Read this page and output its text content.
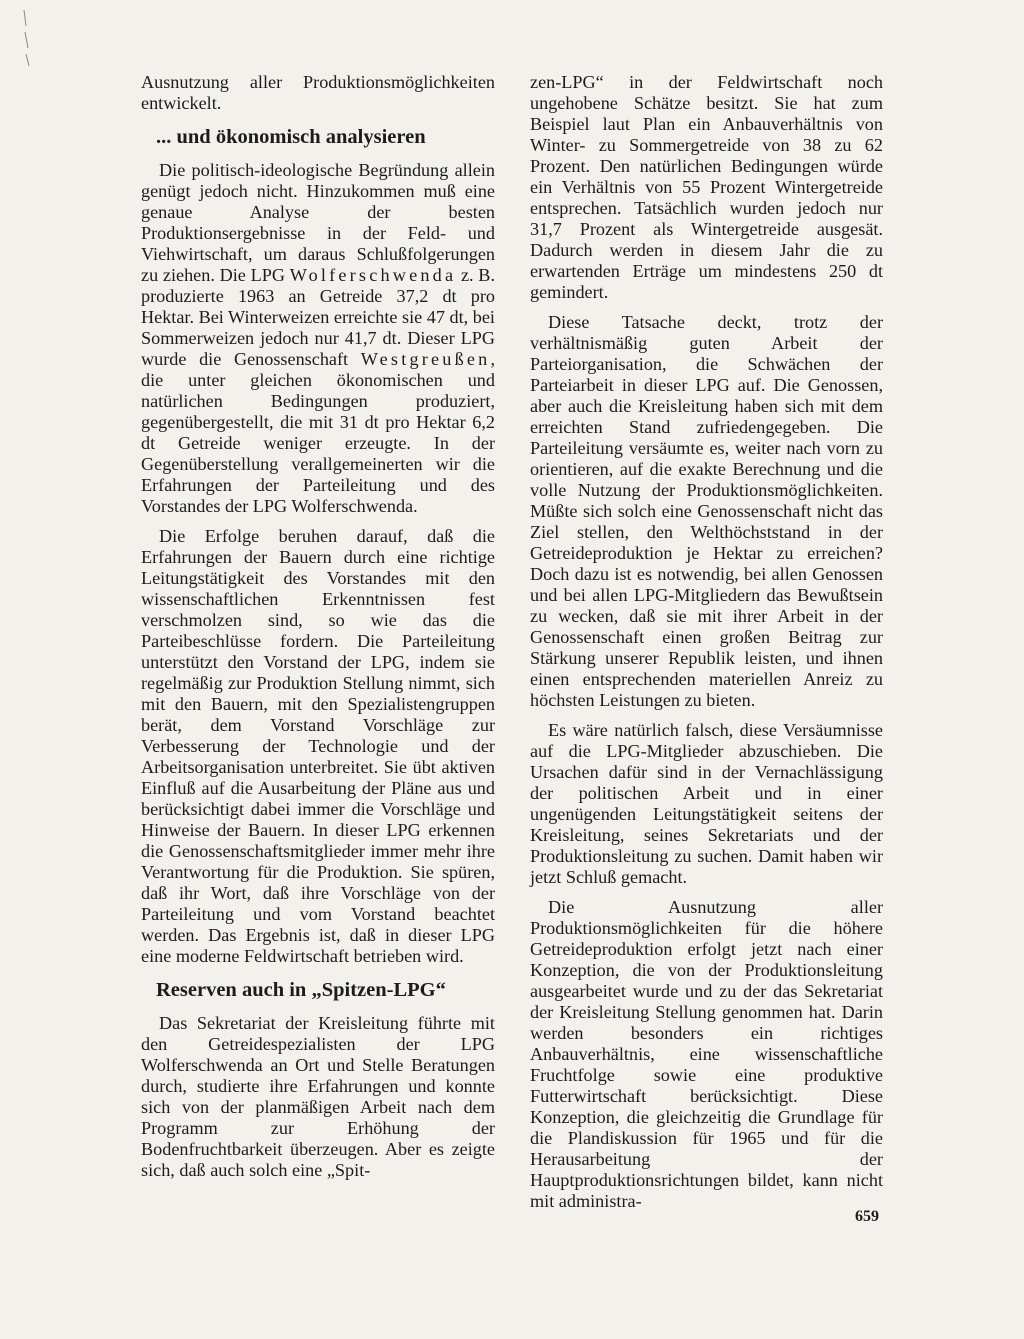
Ausnutzung aller Produktionsmöglichkeiten entwickelt.

... und ökonomisch analysieren

Die politisch-ideologische Begründung allein genügt jedoch nicht. Hinzukommen muß eine genaue Analyse der besten Produktionsergebnisse in der Feld- und Viehwirtschaft, um daraus Schlußfolgerungen zu ziehen. Die LPG Wolferschwenda z. B. produzierte 1963 an Getreide 37,2 dt pro Hektar. Bei Winterweizen erreichte sie 47 dt, bei Sommerweizen jedoch nur 41,7 dt. Dieser LPG wurde die Genossenschaft Westgreußen, die unter gleichen ökonomischen und natürlichen Bedingungen produziert, gegenübergestellt, die mit 31 dt pro Hektar 6,2 dt Getreide weniger erzeugte. In der Gegenüberstellung verallgemeinerten wir die Erfahrungen der Parteileitung und des Vorstandes der LPG Wolferschwenda.

Die Erfolge beruhen darauf, daß die Erfahrungen der Bauern durch eine richtige Leitungstätigkeit des Vorstandes mit den wissenschaftlichen Erkenntnissen fest verschmolzen sind, so wie das die Parteibeschlüsse fordern. Die Parteileitung unterstützt den Vorstand der LPG, indem sie regelmäßig zur Produktion Stellung nimmt, sich mit den Bauern, mit den Spezialistengruppen berät, dem Vorstand Vorschläge zur Verbesserung der Technologie und der Arbeitsorganisation unterbreitet. Sie übt aktiven Einfluß auf die Ausarbeitung der Pläne aus und berücksichtigt dabei immer die Vorschläge und Hinweise der Bauern. In dieser LPG erkennen die Genossenschaftsmitglieder immer mehr ihre Verantwortung für die Produktion. Sie spüren, daß ihr Wort, daß ihre Vorschläge von der Parteileitung und vom Vorstand beachtet werden. Das Ergebnis ist, daß in dieser LPG eine moderne Feldwirtschaft betrieben wird.

Reserven auch in „Spitzen-LPG“

Das Sekretariat der Kreisleitung führte mit den Getreidespezialisten der LPG Wolferschwenda an Ort und Stelle Beratungen durch, studierte ihre Erfahrungen und konnte sich von der planmäßigen Arbeit nach dem Programm zur Erhöhung der Bodenfruchtbarkeit überzeugen. Aber es zeigte sich, daß auch solch eine „Spit-

zen-LPG“ in der Feldwirtschaft noch ungehobene Schätze besitzt. Sie hat zum Beispiel laut Plan ein Anbauverhältnis von Winter- zu Sommergetreide von 38 zu 62 Prozent. Den natürlichen Bedingungen würde ein Verhältnis von 55 Prozent Wintergetreide entsprechen. Tatsächlich wurden jedoch nur 31,7 Prozent als Wintergetreide ausgesät. Dadurch werden in diesem Jahr die zu erwartenden Erträge um mindestens 250 dt gemindert.

Diese Tatsache deckt, trotz der verhältnismäßig guten Arbeit der Parteiorganisation, die Schwächen der Parteiarbeit in dieser LPG auf. Die Genossen, aber auch die Kreisleitung haben sich mit dem erreichten Stand zufriedengegeben. Die Parteileitung versäumte es, weiter nach vorn zu orientieren, auf die exakte Berechnung und die volle Nutzung der Produktionsmöglichkeiten. Müßte sich solch eine Genossenschaft nicht das Ziel stellen, den Welthöchststand in der Getreideproduktion je Hektar zu erreichen? Doch dazu ist es notwendig, bei allen Genossen und bei allen LPG-Mitgliedern das Bewußtsein zu wecken, daß sie mit ihrer Arbeit in der Genossenschaft einen großen Beitrag zur Stärkung unserer Republik leisten, und ihnen einen entsprechenden materiellen Anreiz zu höchsten Leistungen zu bieten.

Es wäre natürlich falsch, diese Versäumnisse auf die LPG-Mitglieder abzuschieben. Die Ursachen dafür sind in der Vernachlässigung der politischen Arbeit und in einer ungenügenden Leitungstätigkeit seitens der Kreisleitung, seines Sekretariats und der Produktionsleitung zu suchen. Damit haben wir jetzt Schluß gemacht.

Die Ausnutzung aller Produktionsmöglichkeiten für die höhere Getreideproduktion erfolgt jetzt nach einer Konzeption, die von der Produktionsleitung ausgearbeitet wurde und zu der das Sekretariat der Kreisleitung Stellung genommen hat. Darin werden besonders ein richtiges Anbauverhältnis, eine wissenschaftliche Fruchtfolge sowie eine produktive Futterwirtschaft berücksichtigt. Diese Konzeption, die gleichzeitig die Grundlage für die Plandiskussion für 1965 und für die Herausarbeitung der Hauptproduktionsrichtungen bildet, kann nicht mit administra-

659
